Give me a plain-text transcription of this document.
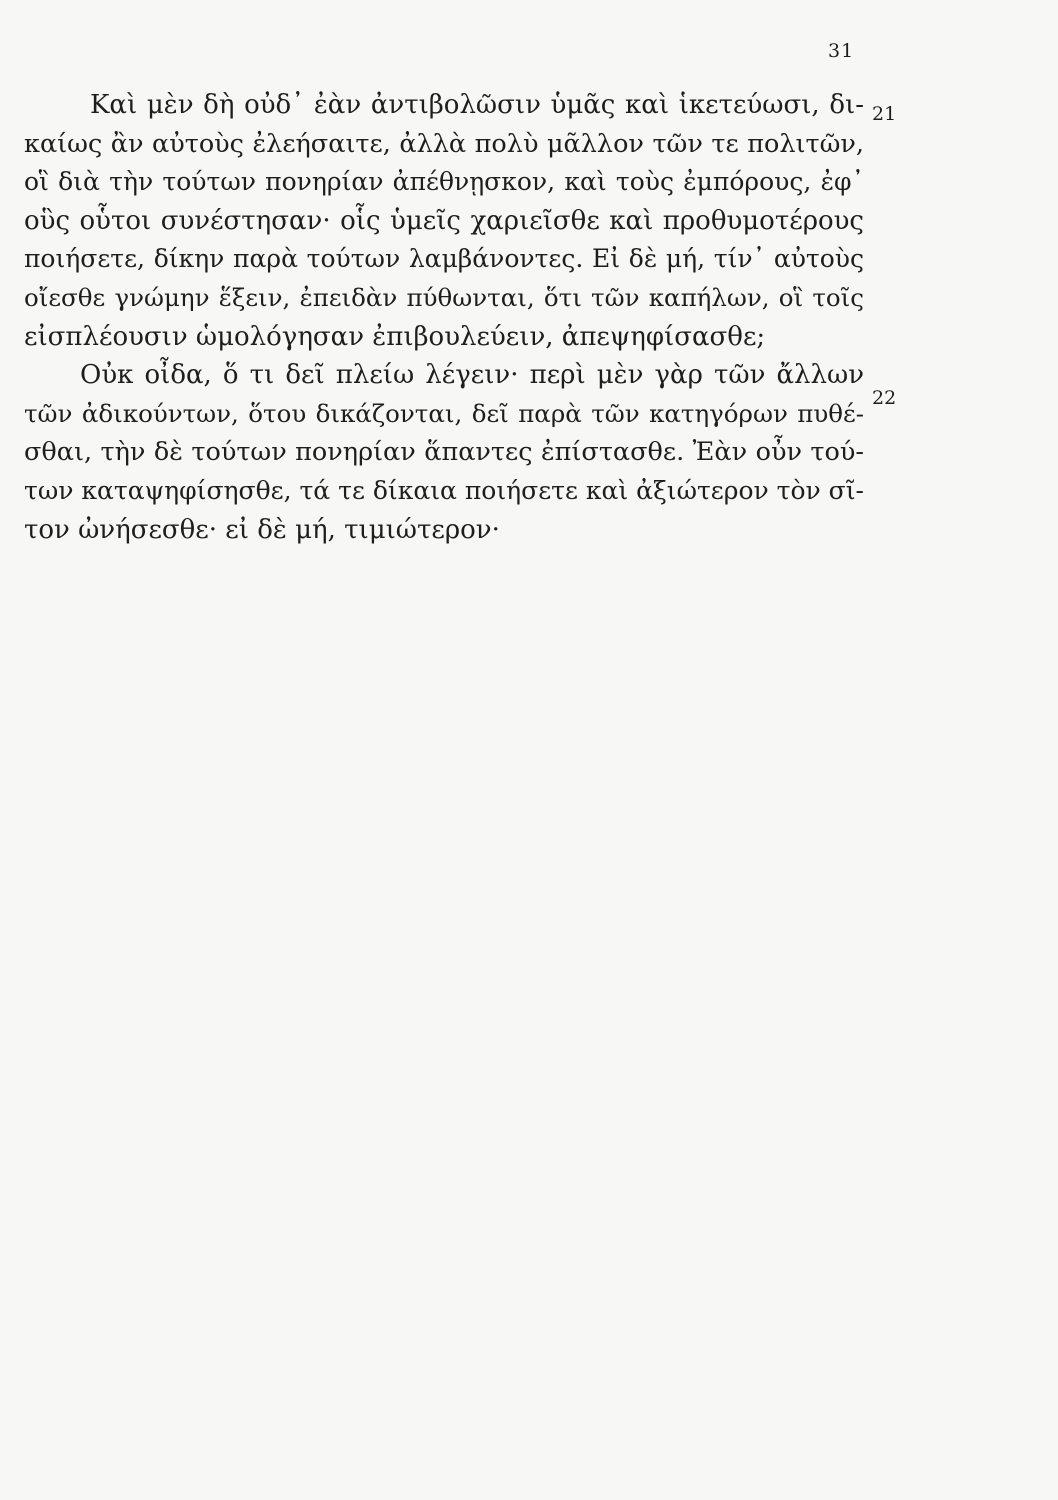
31
21
22
Καὶ μὲν δὴ οὐδ᾽ ἐὰν ἀντιβολῶσιν ὑμᾶς καὶ ἱκετεύωσι, δι-
καίως ἂν αὐτοὺς ἐλεήσαιτε, ἀλλὰ πολὺ μᾶλλον τῶν τε πολιτῶν,
οἳ διὰ τὴν τούτων πονηρίαν ἀπέθνῃσκον, καὶ τοὺς ἐμπόρους, ἐφ᾽
οὓς οὗτοι συνέστησαν· οἷς ὑμεῖς χαριεῖσθε καὶ προθυμοτέρους
ποιήσετε, δίκην παρὰ τούτων λαμβάνοντες. Εἰ δὲ μή, τίν᾽ αὐτοὺς
οἴεσθε γνώμην ἕξειν, ἐπειδὰν πύθωνται, ὅτι τῶν καπήλων, οἳ τοῖς
εἰσπλέουσιν ὡμολόγησαν ἐπιβουλεύειν, ἀπεψηφίσασθε;
Οὐκ οἶδα, ὅ τι δεῖ πλείω λέγειν· περὶ μὲν γὰρ τῶν ἄλλων
τῶν ἀδικούντων, ὅτου δικάζονται, δεῖ παρὰ τῶν κατηγόρων πυθέ-
σθαι, τὴν δὲ τούτων πονηρίαν ἅπαντες ἐπίστασθε. Ἐὰν οὖν τού-
των καταψηφίσησθε, τά τε δίκαια ποιήσετε καὶ ἀξιώτερον τὸν σῖ-
τον ὠνήσεσθε· εἰ δὲ μή, τιμιώτερον·
